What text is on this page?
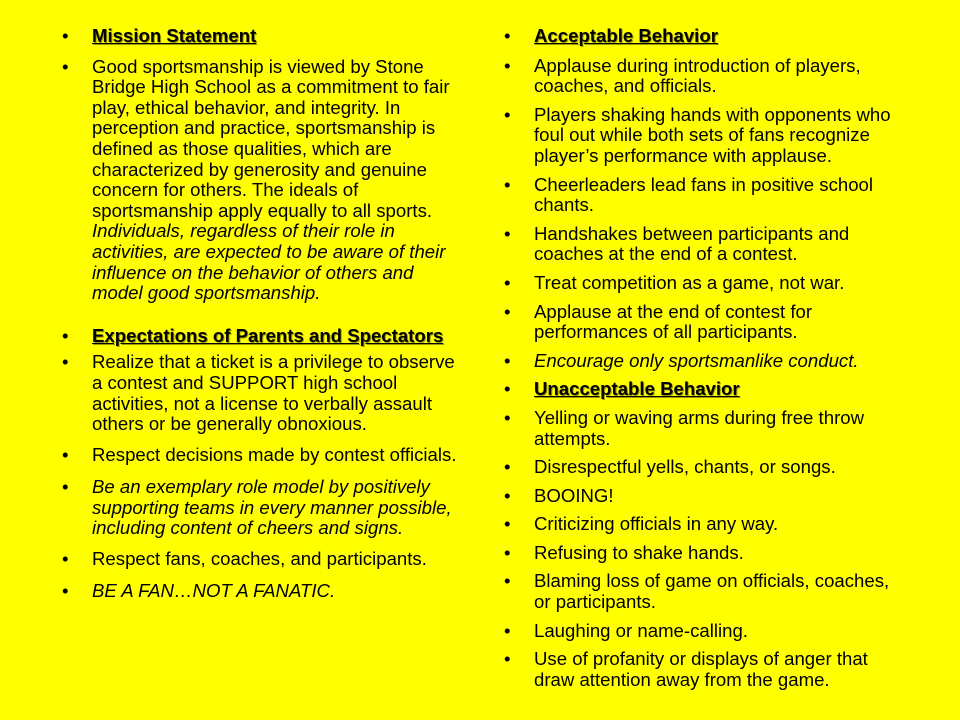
• Mission Statement
• Good sportsmanship is viewed by Stone Bridge High School as a commitment to fair play, ethical behavior, and integrity. In perception and practice, sportsmanship is defined as those qualities, which are characterized by generosity and genuine concern for others. The ideals of sportsmanship apply equally to all sports. Individuals, regardless of their role in activities, are expected to be aware of their influence on the behavior of others and model good sportsmanship.
• Expectations of Parents and Spectators
• Realize that a ticket is a privilege to observe a contest and SUPPORT high school activities, not a license to verbally assault others or be generally obnoxious.
• Respect decisions made by contest officials.
• Be an exemplary role model by positively supporting teams in every manner possible, including content of cheers and signs.
• Respect fans, coaches, and participants.
• BE A FAN…NOT A FANATIC.
• Acceptable Behavior
• Applause during introduction of players, coaches, and officials.
• Players shaking hands with opponents who foul out while both sets of fans recognize player’s performance with applause.
• Cheerleaders lead fans in positive school chants.
• Handshakes between participants and coaches at the end of a contest.
• Treat competition as a game, not war.
• Applause at the end of contest for performances of all participants.
• Encourage only sportsmanlike conduct.
• Unacceptable Behavior
• Yelling or waving arms during free throw attempts.
• Disrespectful yells, chants, or songs.
• BOOING!
• Criticizing officials in any way.
• Refusing to shake hands.
• Blaming loss of game on officials, coaches, or participants.
• Laughing or name-calling.
• Use of profanity or displays of anger that draw attention away from the game.
